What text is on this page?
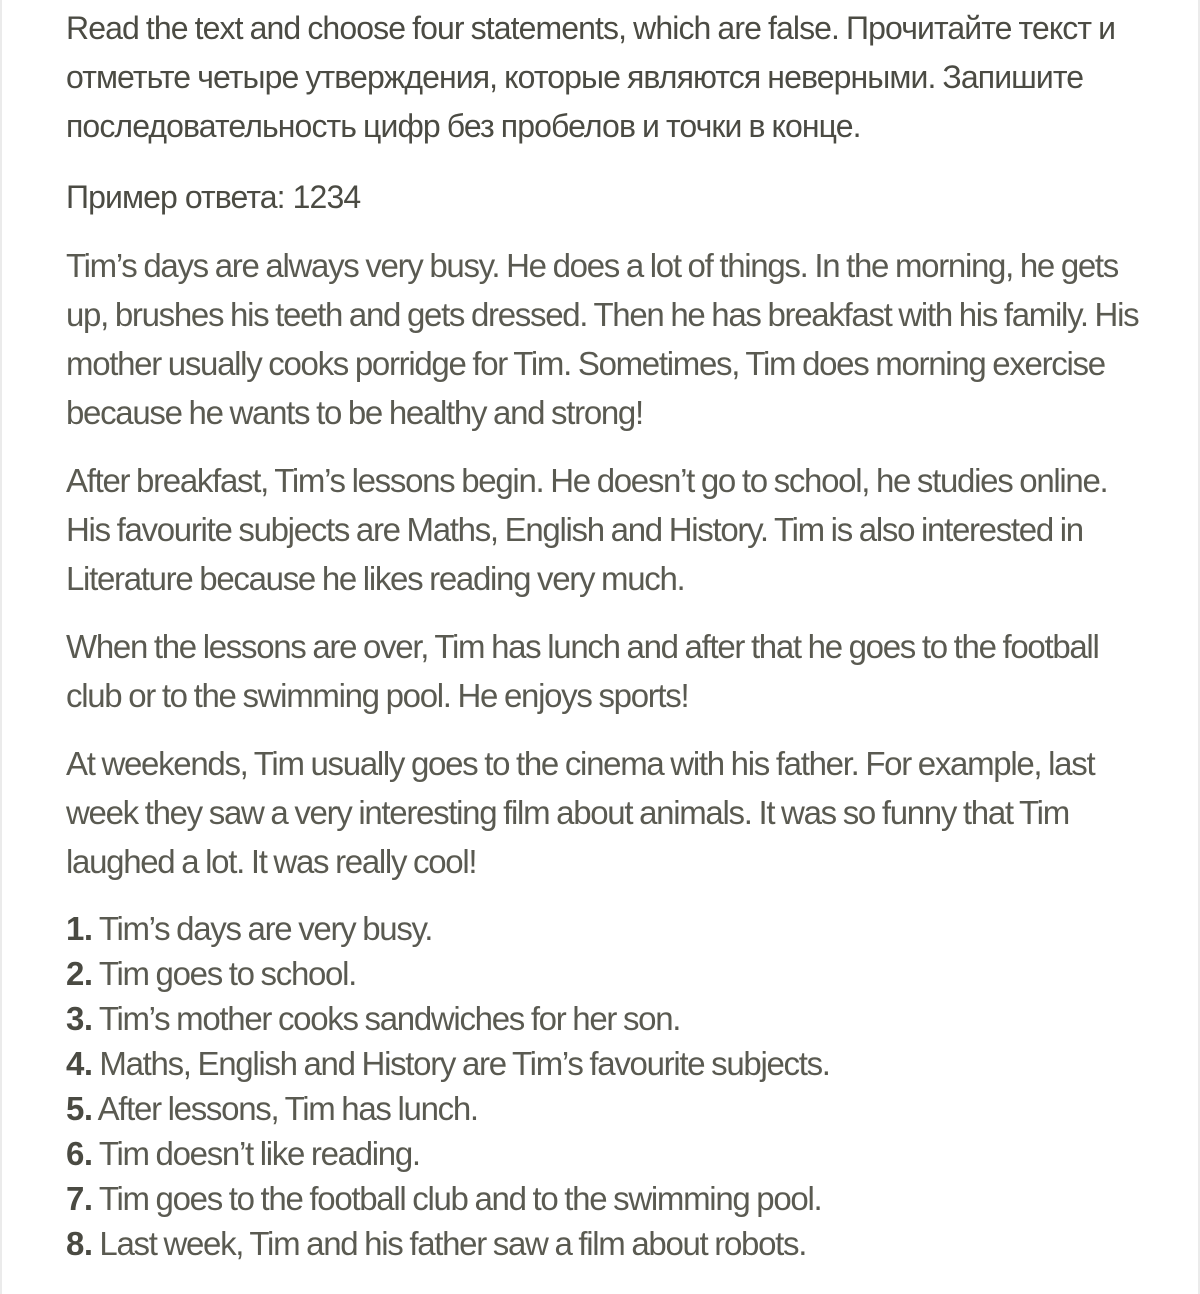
Read the text and choose four statements, which are false. Прочитайте текст и отметьте четыре утверждения, которые являются неверными. Запишите последовательность цифр без пробелов и точки в конце.

Пример ответа: 1234

Tim’s days are always very busy. He does a lot of things. In the morning, he gets up, brushes his teeth and gets dressed. Then he has breakfast with his family. His mother usually cooks porridge for Tim. Sometimes, Tim does morning exercise because he wants to be healthy and strong!

After breakfast, Tim’s lessons begin. He doesn’t go to school, he studies online. His favourite subjects are Maths, English and History. Tim is also interested in Literature because he likes reading very much.

When the lessons are over, Tim has lunch and after that he goes to the football club or to the swimming pool. He enjoys sports!

At weekends, Tim usually goes to the cinema with his father. For example, last week they saw a very interesting film about animals. It was so funny that Tim laughed a lot. It was really cool!

1. Tim’s days are very busy.
2. Tim goes to school.
3. Tim’s mother cooks sandwiches for her son.
4. Maths, English and History are Tim’s favourite subjects.
5. After lessons, Tim has lunch.
6. Tim doesn’t like reading.
7. Tim goes to the football club and to the swimming pool.
8. Last week, Tim and his father saw a film about robots.
